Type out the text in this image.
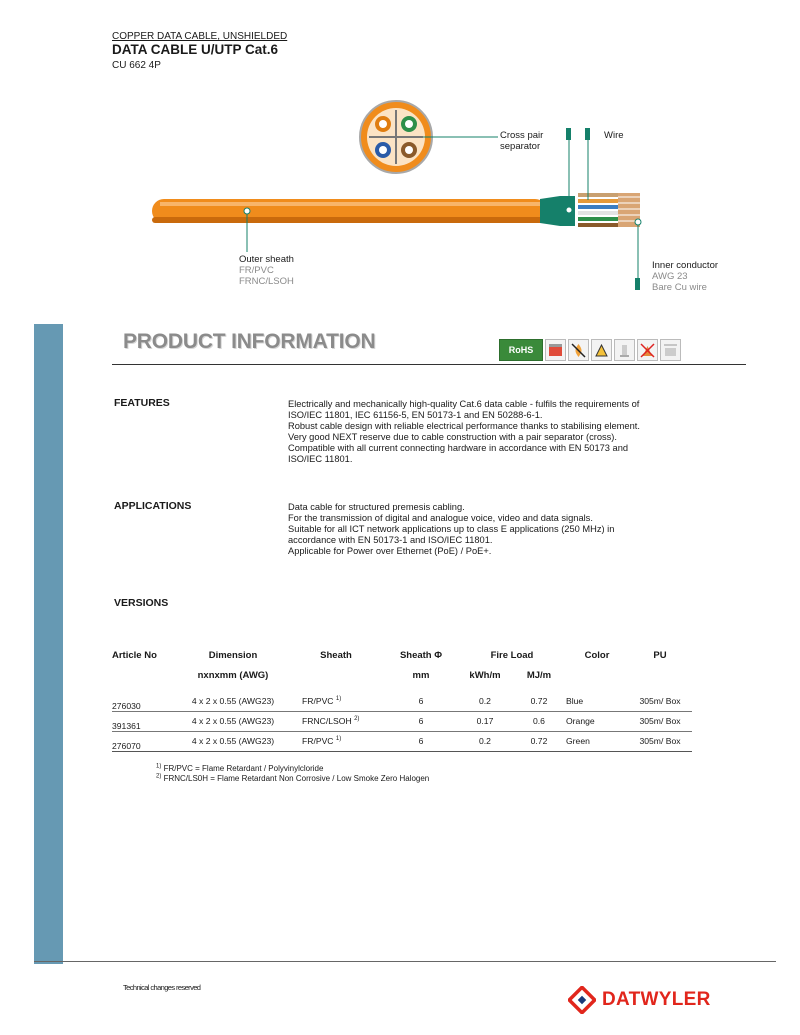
COPPER DATA CABLE, UNSHIELDED
DATA CABLE U/UTP Cat.6
CU 662 4P
Cross pair
separator
Wire
Outer sheath
FR/PVC
FRNC/LSOH
Inner conductor
AWG 23
Bare Cu wire
PRODUCT INFORMATION	RoHS
FEATURES	Electrically and mechanically high-quality Cat.6 data cable - fulfils the requirements of
ISO/IEC 11801, IEC 61156-5, EN 50173-1 and EN 50288-6-1.
Robust cable design with reliable electrical performance thanks to stabilising element.
Very good NEXT reserve due to cable construction with a pair separator (cross).
Compatible with all current connecting hardware in accordance with EN 50173 and
ISO/IEC 11801.
APPLICATIONS	Data cable for structured premesis cabling.
For the transmission of digital and analogue voice, video and data signals.
Suitable for all ICT network applications up to class E applications (250 MHz) in
accordance with EN 50173-1 and ISO/IEC 11801.
Applicable for Power over Ethernet (PoE) / PoE+.
VERSIONS
Article No	Dimension	Sheath	Sheath Φ	Fire Load		Color	PU
	nxnxmm (AWG)		mm	kWh/m	MJ/m		

276030	4 x 2 x 0.55 (AWG23)	FR/PVC $^{1)}$	6	0.2	0.72	Blue	305m/ Box
391361	4 x 2 x 0.55 (AWG23)	FRNC/LSOH $^{2)}$	6	0.17	0.6	Orange	305m/ Box
276070	4 x 2 x 0.55 (AWG23)	FR/PVC $^{1)}$	6	0.2	0.72	Green	305m/ Box
$^{1)}$ FR/PVC = Flame Retardant / Polyvinylcloride
$^{2)}$ FRNC/LS0H = Flame Retardant Non Corrosive / Low Smoke Zero Halogen
Technical changes reserved
DATWYLER
